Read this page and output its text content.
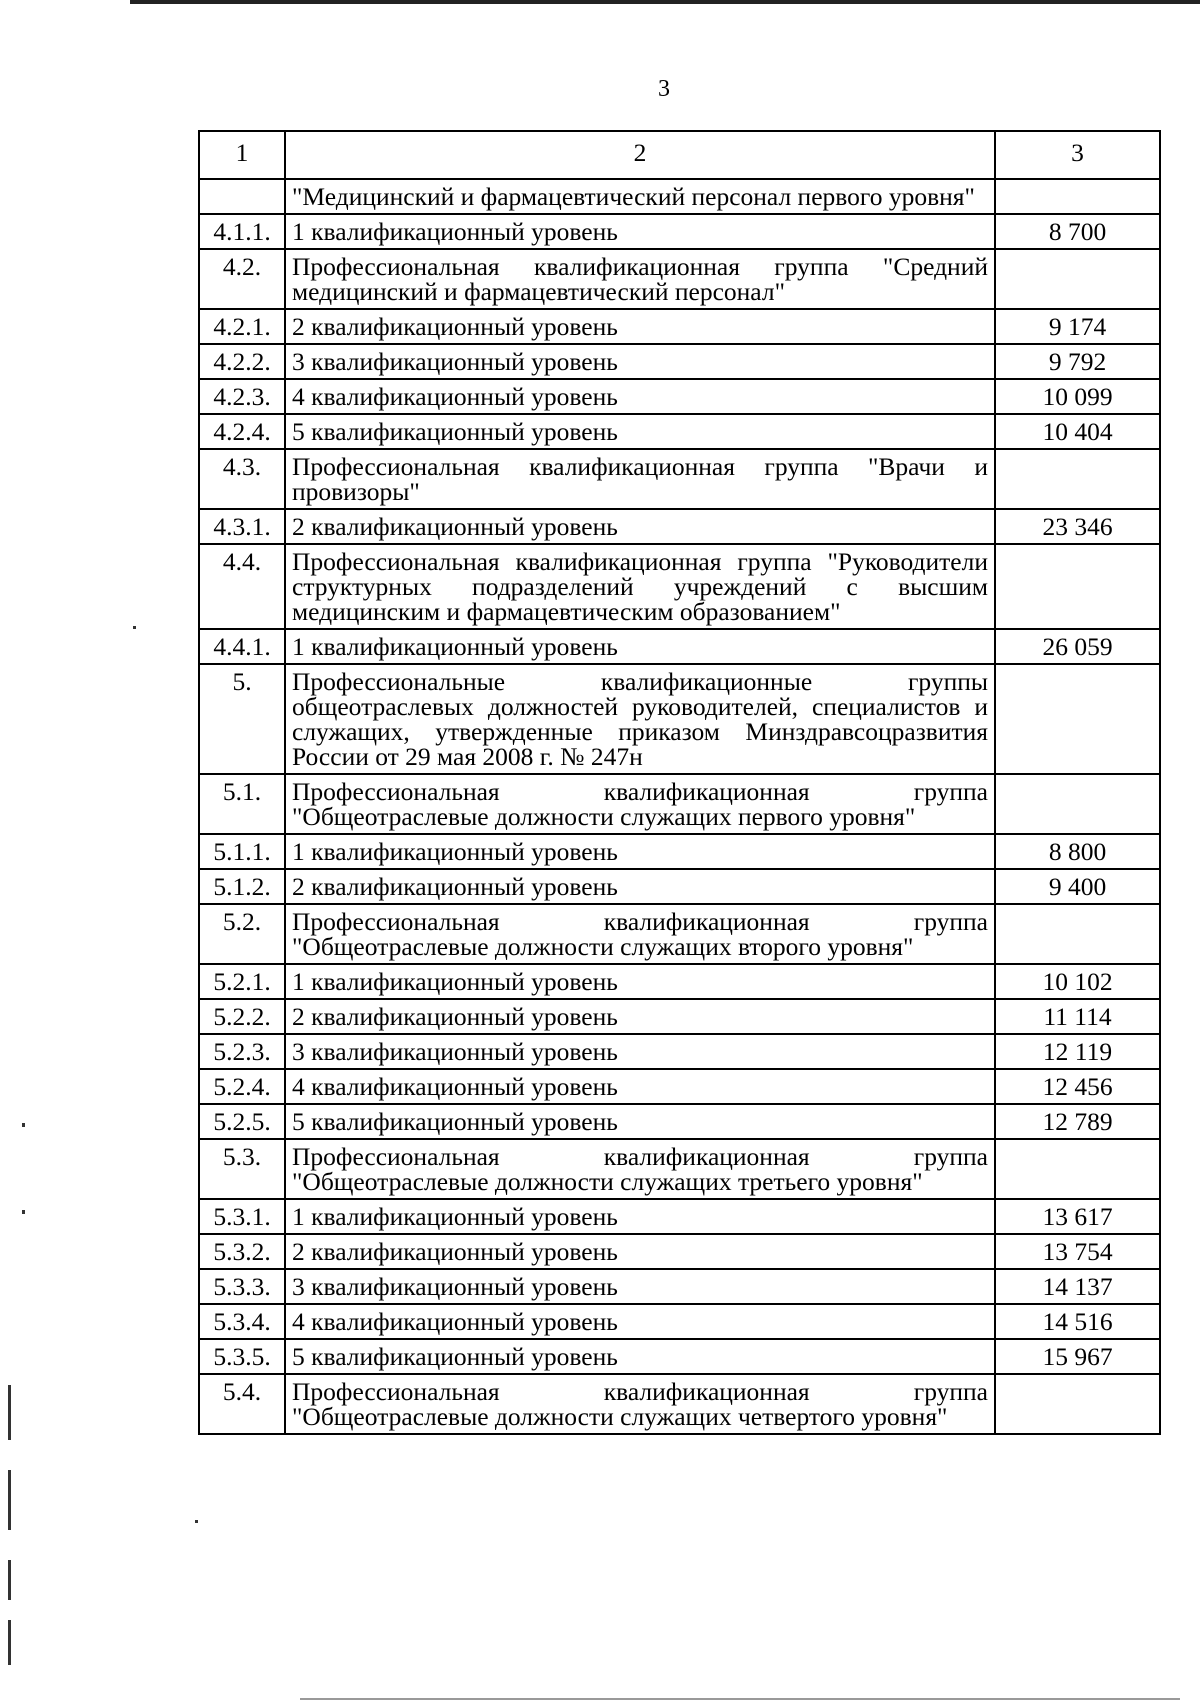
3
1	2	3
	"Медицинский и фармацевтический персонал первого уровня"	
4.1.1.	1 квалификационный уровень	8 700
4.2.	Профессиональная квалификационная группа "Средний медицинский и фармацевтический персонал"	
4.2.1.	2 квалификационный уровень	9 174
4.2.2.	3 квалификационный уровень	9 792
4.2.3.	4 квалификационный уровень	10 099
4.2.4.	5 квалификационный уровень	10 404
4.3.	Профессиональная квалификационная группа "Врачи и провизоры"	
4.3.1.	2 квалификационный уровень	23 346
4.4.	Профессиональная квалификационная группа "Руководители структурных подразделений учреждений с высшим медицинским и фармацевтическим образованием"	
4.4.1.	1 квалификационный уровень	26 059
5.	Профессиональные квалификационные группы общеотраслевых должностей руководителей, специалистов и служащих, утвержденные приказом Минздравсоцразвития России от 29 мая 2008 г. № 247н	
5.1.	Профессиональная квалификационная группа "Общеотраслевые должности служащих первого уровня"	
5.1.1.	1 квалификационный уровень	8 800
5.1.2.	2 квалификационный уровень	9 400
5.2.	Профессиональная квалификационная группа "Общеотраслевые должности служащих второго уровня"	
5.2.1.	1 квалификационный уровень	10 102
5.2.2.	2 квалификационный уровень	11 114
5.2.3.	3 квалификационный уровень	12 119
5.2.4.	4 квалификационный уровень	12 456
5.2.5.	5 квалификационный уровень	12 789
5.3.	Профессиональная квалификационная группа "Общеотраслевые должности служащих третьего уровня"	
5.3.1.	1 квалификационный уровень	13 617
5.3.2.	2 квалификационный уровень	13 754
5.3.3.	3 квалификационный уровень	14 137
5.3.4.	4 квалификационный уровень	14 516
5.3.5.	5 квалификационный уровень	15 967
5.4.	Профессиональная квалификационная группа "Общеотраслевые должности служащих четвертого уровня"	
